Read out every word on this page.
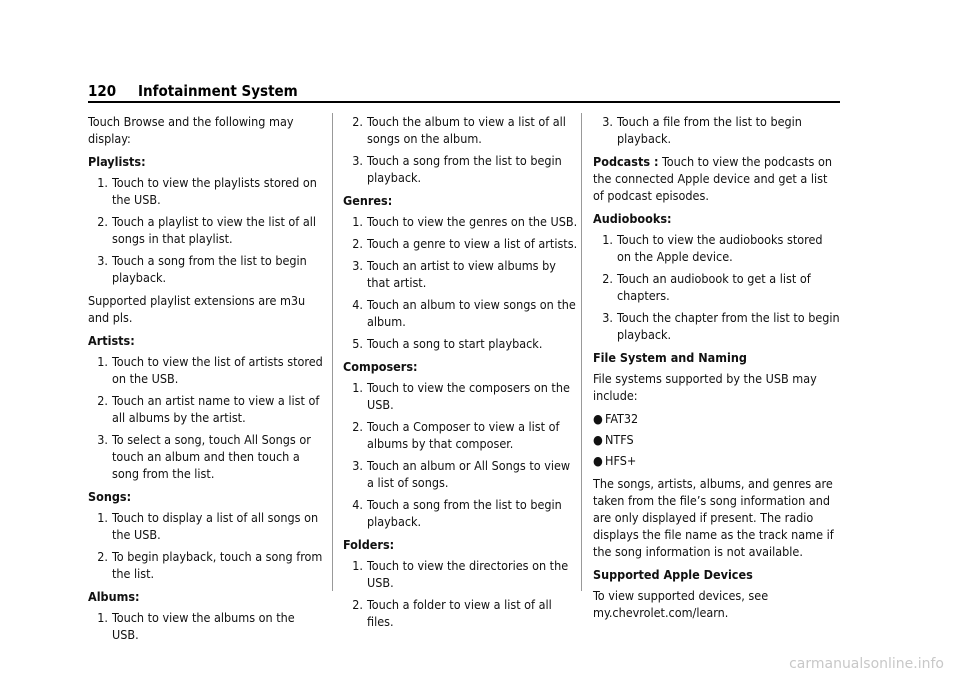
120 Infotainment System

Touch Browse and the following may display:

Playlists:

1. Touch to view the playlists stored on the USB.
2. Touch a playlist to view the list of all songs in that playlist.
3. Touch a song from the list to begin playback.

Supported playlist extensions are m3u and pls.

Artists:

1. Touch to view the list of artists stored on the USB.
2. Touch an artist name to view a list of all albums by the artist.
3. To select a song, touch All Songs or touch an album and then touch a song from the list.

Songs:

1. Touch to display a list of all songs on the USB.
2. To begin playback, touch a song from the list.

Albums:

1. Touch to view the albums on the USB.
2. Touch the album to view a list of all songs on the album.
3. Touch a song from the list to begin playback.

Genres:

1. Touch to view the genres on the USB.
2. Touch a genre to view a list of artists.
3. Touch an artist to view albums by that artist.
4. Touch an album to view songs on the album.
5. Touch a song to start playback.

Composers:

1. Touch to view the composers on the USB.
2. Touch a Composer to view a list of albums by that composer.
3. Touch an album or All Songs to view a list of songs.
4. Touch a song from the list to begin playback.

Folders:

1. Touch to view the directories on the USB.
2. Touch a folder to view a list of all files.
3. Touch a file from the list to begin playback.

Podcasts : Touch to view the podcasts on the connected Apple device and get a list of podcast episodes.

Audiobooks:

1. Touch to view the audiobooks stored on the Apple device.
2. Touch an audiobook to get a list of chapters.
3. Touch the chapter from the list to begin playback.

File System and Naming

File systems supported by the USB may include:

● FAT32
● NTFS
● HFS+

The songs, artists, albums, and genres are taken from the file’s song information and are only displayed if present. The radio displays the file name as the track name if the song information is not available.

Supported Apple Devices

To view supported devices, see my.chevrolet.com/learn.

carmanualsonline.info
